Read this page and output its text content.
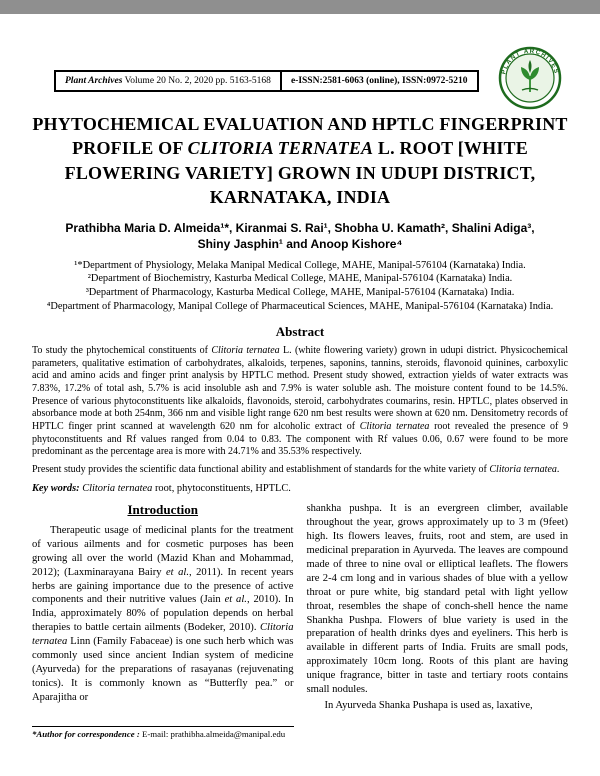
Plant Archives Volume 20 No. 2, 2020 pp. 5163-5168	e-ISSN:2581-6063 (online), ISSN:0972-5210
PLANT ARCHIVES
PHYTOCHEMICAL EVALUATION AND HPTLC FINGERPRINT PROFILE OF CLITORIA TERNATEA L. ROOT [WHITE FLOWERING VARIETY] GROWN IN UDUPI DISTRICT, KARNATAKA, INDIA
Prathibha Maria D. Almeida¹*, Kiranmai S. Rai¹, Shobha U. Kamath², Shalini Adiga³, Shiny Jasphin¹ and Anoop Kishore⁴
¹*Department of Physiology, Melaka Manipal Medical College, MAHE, Manipal-576104 (Karnataka) India.
²Department of Biochemistry, Kasturba Medical College, MAHE, Manipal-576104 (Karnataka) India.
³Department of Pharmacology, Kasturba Medical College, MAHE, Manipal-576104 (Karnataka) India.
⁴Department of Pharmacology, Manipal College of Pharmaceutical Sciences, MAHE, Manipal-576104 (Karnataka) India.
Abstract

To study the phytochemical constituents of Clitoria ternatea L. (white flowering variety) grown in udupi district. Physicochemical parameters, qualitative estimation of carbohydrates, alkaloids, terpenes, saponins, tannins, steroids, flavonoid quinines, carboxylic acid and amino acids and finger print analysis by HPTLC method. Present study showed, extraction yields of water extracts was 7.83%, 17.2% of total ash, 5.7% is acid insoluble ash and 7.9% is water soluble ash. The moisture content found to be 14.5%. Presence of various phytoconstituents like alkaloids, flavonoids, steroid, carbohydrates coumarins, resin. HPTLC, plates observed in absorbance mode at both 254nm, 366 nm and visible light range 620 nm best results were shown at 620 nm. Densitometry records of HPTLC finger print scanned at wavelength 620 nm for alcoholic extract of Clitoria ternatea root revealed the presence of 9 phytoconstituents and Rf values ranged from 0.04 to 0.83. The component with Rf values 0.06, 0.67 were found to be more predominant as the percentage area is more with 24.71% and 35.53% respectively.

Present study provides the scientific data functional ability and establishment of standards for the white variety of Clitoria ternatea.

Key words: Clitoria ternatea root, phytoconstituents, HPTLC.
Introduction

Therapeutic usage of medicinal plants for the treatment of various ailments and for cosmetic purposes has been growing all over the world (Mazid Khan and Mohammad, 2012); (Laxminarayana Bairy et al., 2011). In recent years herbs are gaining importance due to the presence of active components and their nutritive values (Jain et al., 2010). In India, approximately 80% of population depends on herbal therapies to battle certain ailments (Bodeker, 2010). Clitoria ternatea Linn (Family Fabaceae) is one such herb which was commonly used since ancient Indian system of medicine (Ayurveda) for the preparations of rasayanas (rejuvenating tonics). It is commonly known as “Butterfly pea.” or Aparajitha or

*Author for correspondence : E-mail: prathibha.almeida@manipal.edu

shankha pushpa. It is an evergreen climber, available throughout the year, grows approximately up to 3 m (9feet) high. Its flowers leaves, fruits, root and stem, are used in medicinal preparation in Ayurveda. The leaves are compound made of three to nine oval or elliptical leaflets. The flowers are 2-4 cm long and in various shades of blue with a yellow throat or pure white, big standard petal with light yellow throat, resembles the shape of conch-shell hence the name Shankha Pushpa. Flowers of blue variety is used in the preparation of health drinks dyes and eyeliners. This herb is available in different parts of India. Fruits are small pods, approximately 10cm long. Roots of this plant are having unique fragrance, bitter in taste and tertiary roots contains small nodules.

In Ayurveda Shanka Pushapa is used as, laxative,
